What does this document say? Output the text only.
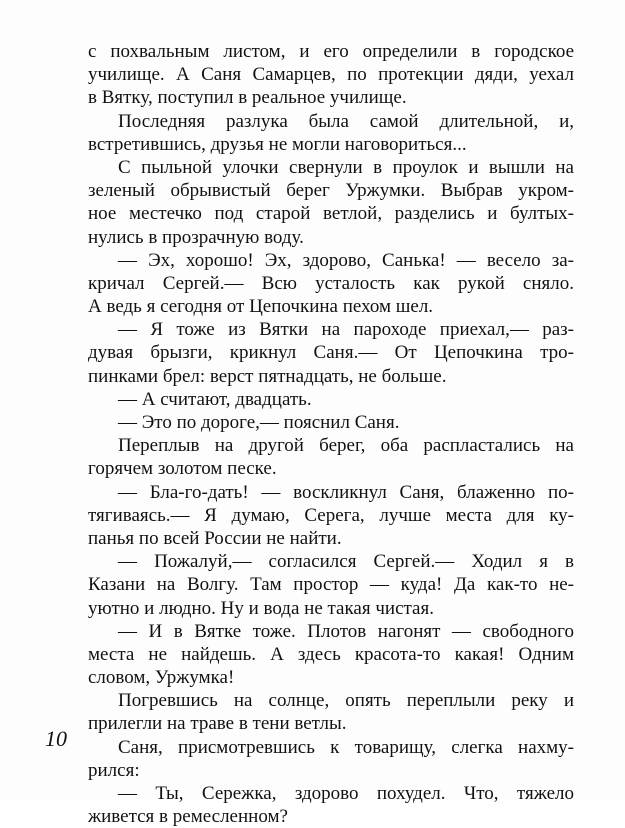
с похвальным листом, и его определили в городское
училище. А Саня Самарцев, по протекции дяди, уехал
в Вятку, поступил в реальное училище.
Последняя разлука была самой длительной, и,
встретившись, друзья не могли наговориться...
С пыльной улочки свернули в проулок и вышли на
зеленый обрывистый берег Уржумки. Выбрав укром-
ное местечко под старой ветлой, разделись и бултых-
нулись в прозрачную воду.
— Эх, хорошо! Эх, здорово, Санька! — весело за-
кричал Сергей.— Всю усталость как рукой сняло.
А ведь я сегодня от Цепочкина пехом шел.
— Я тоже из Вятки на пароходе приехал,— раз-
дувая брызги, крикнул Саня.— От Цепочкина тро-
пинками брел: верст пятнадцать, не больше.
— А считают, двадцать.
— Это по дороге,— пояснил Саня.
Переплыв на другой берег, оба распластались на
горячем золотом песке.
— Бла-го-дать! — воскликнул Саня, блаженно по-
тягиваясь.— Я думаю, Серега, лучше места для ку-
панья по всей России не найти.
— Пожалуй,— согласился Сергей.— Ходил я в
Казани на Волгу. Там простор — куда! Да как-то не-
уютно и людно. Ну и вода не такая чистая.
— И в Вятке тоже. Плотов нагонят — свободного
места не найдешь. А здесь красота-то какая! Одним
словом, Уржумка!
Погревшись на солнце, опять переплыли реку и
прилегли на траве в тени ветлы.
Саня, присмотревшись к товарищу, слегка нахму-
рился:
— Ты, Сережка, здорово похудел. Что, тяжело
живется в ремесленном?
10
